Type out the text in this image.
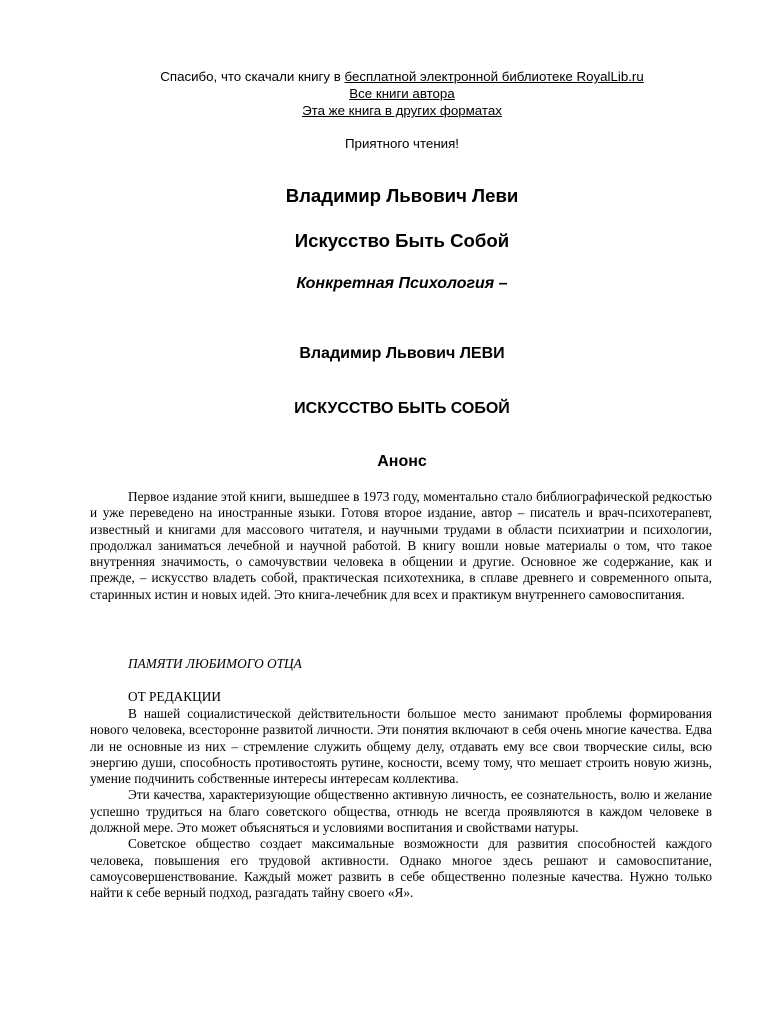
Спасибо, что скачали книгу в бесплатной электронной библиотеке RoyalLib.ru
Все книги автора
Эта же книга в других форматах
Приятного чтения!
Владимир Львович Леви
Искусство Быть Собой
Конкретная Психология –
Владимир Львович ЛЕВИ
ИСКУССТВО БЫТЬ СОБОЙ
Анонс

Первое издание этой книги, вышедшее в 1973 году, моментально стало библиографической редкостью и уже переведено на иностранные языки. Готовя второе издание, автор – писатель и врач-психотерапевт, известный и книгами для массового читателя, и научными трудами в области психиатрии и психологии, продолжал заниматься лечебной и научной работой. В книгу вошли новые материалы о том, что такое внутренняя значимость, о самочувствии человека в общении и другие. Основное же содержание, как и прежде, – искусство владеть собой, практическая психотехника, в сплаве древнего и современного опыта, старинных истин и новых идей. Это книга-лечебник для всех и практикум внутреннего самовоспитания.

ПАМЯТИ ЛЮБИМОГО ОТЦА
ОТ РЕДАКЦИИ

В нашей социалистической действительности большое место занимают проблемы формирования нового человека, всесторонне развитой личности. Эти понятия включают в себя очень многие качества. Едва ли не основные из них – стремление служить общему делу, отдавать ему все свои творческие силы, всю энергию души, способность противостоять рутине, косности, всему тому, что мешает строить новую жизнь, умение подчинить собственные интересы интересам коллектива.

Эти качества, характеризующие общественно активную личность, ее сознательность, волю и желание успешно трудиться на благо советского общества, отнюдь не всегда проявляются в каждом человеке в должной мере. Это может объясняться и условиями воспитания и свойствами натуры.

Советское общество создает максимальные возможности для развития способностей каждого человека, повышения его трудовой активности. Однако многое здесь решают и самовоспитание, самоусовершенствование. Каждый может развить в себе общественно полезные качества. Нужно только найти к себе верный подход, разгадать тайну своего «Я».
